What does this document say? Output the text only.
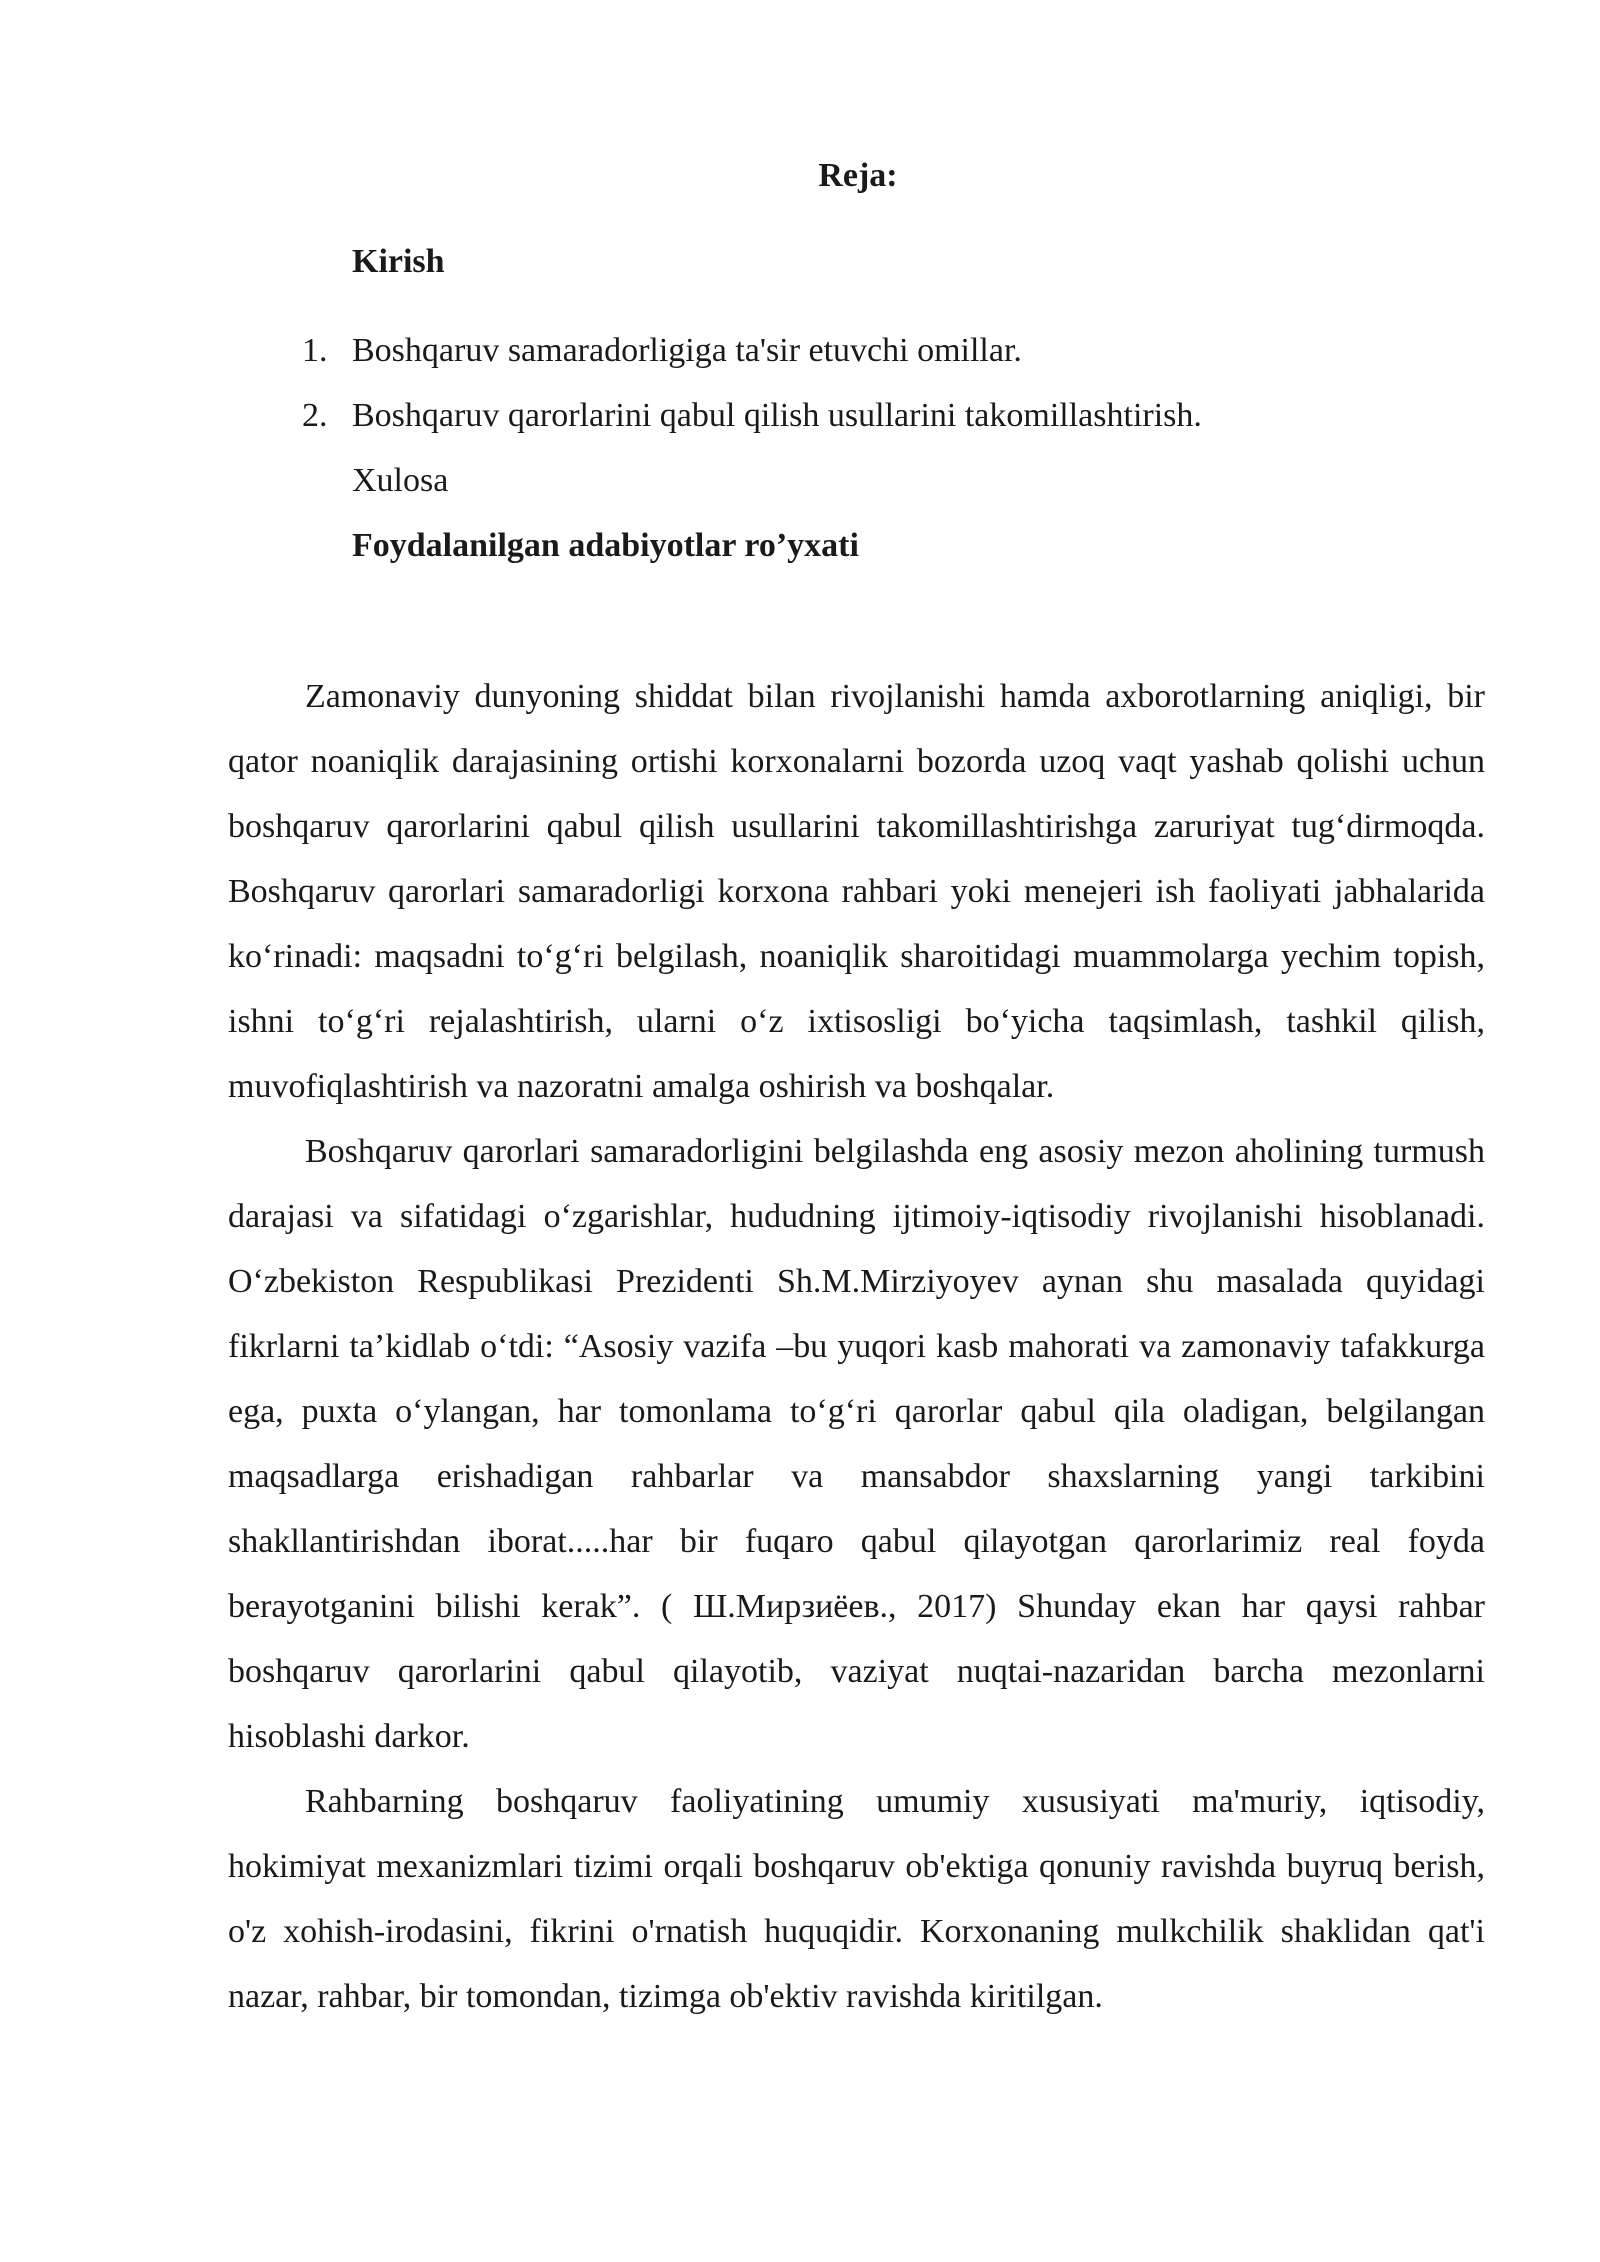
Reja:
Kirish
1. Boshqaruv samaradorligiga ta'sir etuvchi omillar.
2. Boshqaruv qarorlarini qabul qilish usullarini takomillashtirish.
Xulosa
Foydalanilgan adabiyotlar ro’yxati

Zamonaviy dunyoning shiddat bilan rivojlanishi hamda axborotlarning aniqligi, bir qator noaniqlik darajasining ortishi korxonalarni bozorda uzoq vaqt yashab qolishi uchun boshqaruv qarorlarini qabul qilish usullarini takomillashtirishga zaruriyat tug‘dirmoqda. Boshqaruv qarorlari samaradorligi korxona rahbari yoki menejeri ish faoliyati jabhalarida ko‘rinadi: maqsadni to‘g‘ri belgilash, noaniqlik sharoitidagi muammolarga yechim topish, ishni to‘g‘ri rejalashtirish, ularni o‘z ixtisosligi bo‘yicha taqsimlash, tashkil qilish, muvofiqlashtirish va nazoratni amalga oshirish va boshqalar.

Boshqaruv qarorlari samaradorligini belgilashda eng asosiy mezon aholining turmush darajasi va sifatidagi o‘zgarishlar, hududning ijtimoiy-iqtisodiy rivojlanishi hisoblanadi. O‘zbekiston Respublikasi Prezidenti Sh.M.Mirziyoyev aynan shu masalada quyidagi fikrlarni ta’kidlab o‘tdi: “Asosiy vazifa –bu yuqori kasb mahorati va zamonaviy tafakkurga ega, puxta o‘ylangan, har tomonlama to‘g‘ri qarorlar qabul qila oladigan, belgilangan maqsadlarga erishadigan rahbarlar va mansabdor shaxslarning yangi tarkibini shakllantirishdan iborat.....har bir fuqaro qabul qilayotgan qarorlarimiz real foyda berayotganini bilishi kerak”. ( Ш.Мирзиёев., 2017) Shunday ekan har qaysi rahbar boshqaruv qarorlarini qabul qilayotib, vaziyat nuqtai-nazaridan barcha mezonlarni hisoblashi darkor.

Rahbarning boshqaruv faoliyatining umumiy xususiyati ma'muriy, iqtisodiy, hokimiyat mexanizmlari tizimi orqali boshqaruv ob'ektiga qonuniy ravishda buyruq berish, o'z xohish-irodasini, fikrini o'rnatish huquqidir. Korxonaning mulkchilik shaklidan qat'i nazar, rahbar, bir tomondan, tizimga ob'ektiv ravishda kiritilgan.
